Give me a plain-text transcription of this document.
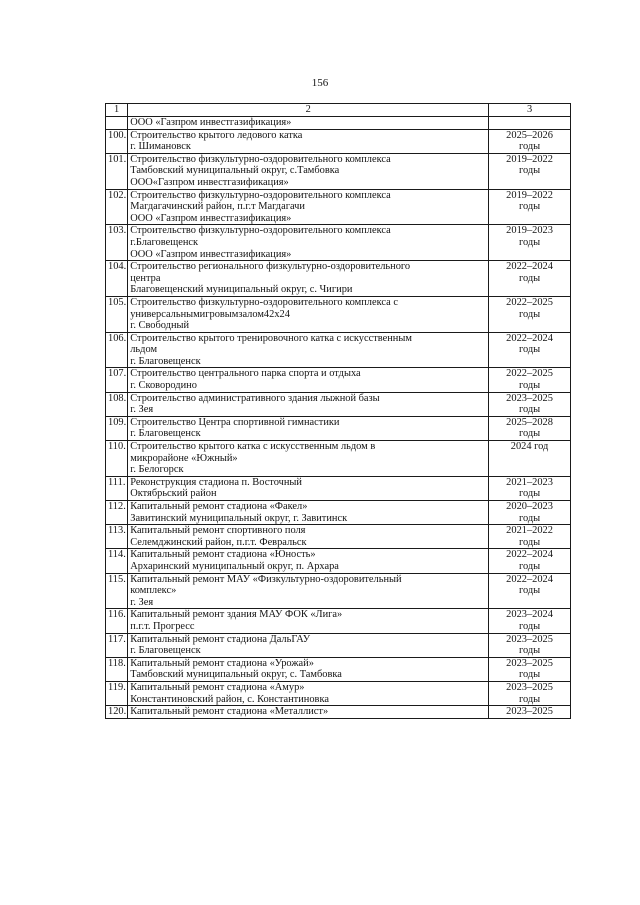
156
1	2	3

	ООО «Газпром инвестгазификация»	

100.	Строительство крытого ледового катка
г. Шимановск	2025–2026
годы

101.	Строительство физкультурно-оздоровительного комплекса
Тамбовский муниципальный округ, с.Тамбовка
ООО«Газпром инвестгазификация»	2019–2022
годы

102.	Строительство физкультурно-оздоровительного комплекса
Магдагачинский район, п.г.т Магдагачи
ООО «Газпром инвестгазификация»	2019–2022
годы

103.	Строительство физкультурно-оздоровительного комплекса
г.Благовещенск
ООО «Газпром инвестгазификация»	2019–2023
годы

104.	Строительство регионального физкультурно-оздоровительного
центра
Благовещенский муниципальный округ, с. Чигири	2022–2024
годы

105.	Строительство физкультурно-оздоровительного комплекса с
универсальнымигровымзалом42х24
г. Свободный	2022–2025
годы

106.	Строительство крытого тренировочного катка с искусственным
льдом
г. Благовещенск	2022–2024
годы

107.	Строительство центрального парка спорта и отдыха
г. Сковородино	2022–2025
годы

108.	Строительство административного здания лыжной базы
г. Зея	2023–2025
годы

109.	Строительство Центра спортивной гимнастики
г. Благовещенск	2025–2028
годы

110.	Строительство крытого катка с искусственным льдом в
микрорайоне «Южный»
г. Белогорск	2024 год

111.	Реконструкция стадиона п. Восточный
Октябрьский район	2021–2023
годы

112.	Капитальный ремонт стадиона «Факел»
Завитинский муниципальный округ, г. Завитинск	2020–2023
годы

113.	Капитальный ремонт спортивного поля
Селемджинский район, п.г.т. Февральск	2021–2022
годы

114.	Капитальный ремонт стадиона «Юность»
Архаринский муниципальный округ, п. Архара	2022–2024
годы

115.	Капитальный ремонт МАУ «Физкультурно-оздоровительный
комплекс»
г. Зея	2022–2024
годы

116.	Капитальный ремонт здания МАУ ФОК «Лига»
п.г.т. Прогресс	2023–2024
годы

117.	Капитальный ремонт стадиона ДальГАУ
г. Благовещенск	2023–2025
годы

118.	Капитальный ремонт стадиона «Урожай»
Тамбовский муниципальный округ, с. Тамбовка	2023–2025
годы

119.	Капитальный ремонт стадиона «Амур»
Константиновский район, с. Константиновка	2023–2025
годы

120.	Капитальный ремонт стадиона «Металлист»	2023–2025
